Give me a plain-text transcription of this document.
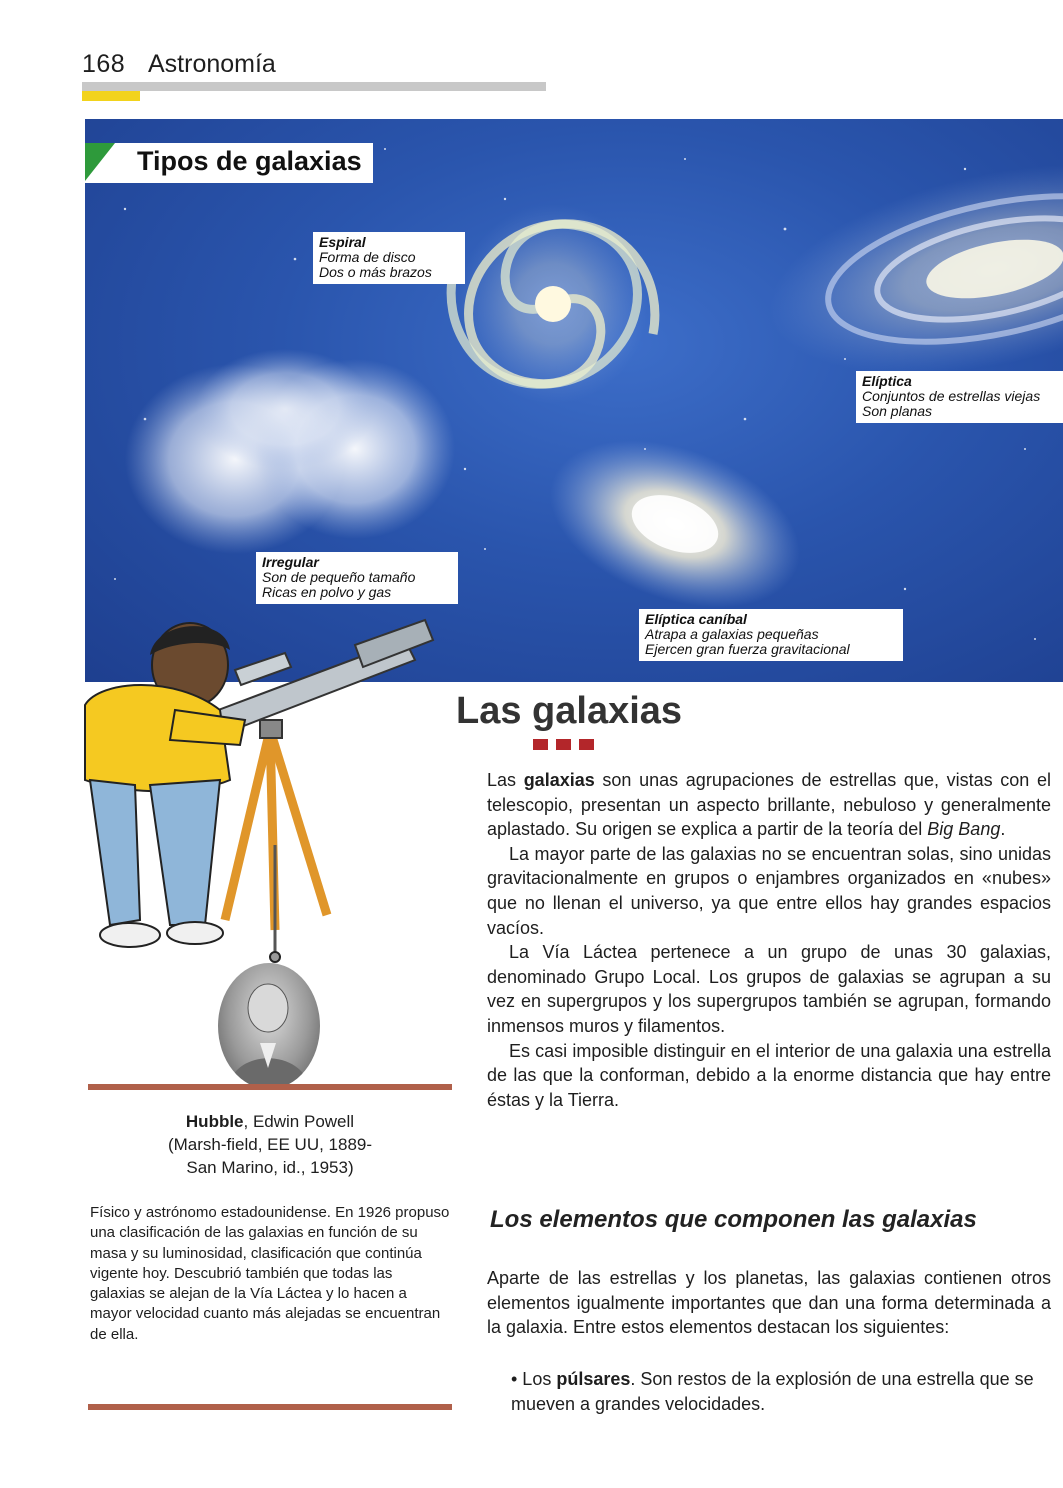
168 Astronomía
Tipos de galaxias
Espiral
Forma de disco
Dos o más brazos
Elíptica
Conjuntos de estrellas viejas
Son planas
Irregular
Son de pequeño tamaño
Ricas en polvo y gas
Elíptica caníbal
Atrapa a galaxias pequeñas
Ejercen gran fuerza gravitacional
Las galaxias

Las galaxias son unas agrupaciones de estrellas que, vistas con el telescopio, presentan un aspecto brillante, nebuloso y generalmente aplastado. Su origen se explica a partir de la teoría del Big Bang.

La mayor parte de las galaxias no se encuentran solas, sino unidas gravitacionalmente en grupos o enjambres organizados en «nubes» que no llenan el universo, ya que entre ellos hay grandes espacios vacíos.

La Vía Láctea pertenece a un grupo de unas 30 galaxias, denominado Grupo Local. Los grupos de galaxias se agrupan a su vez en supergrupos y los supergrupos también se agrupan, formando inmensos muros y filamentos.

Es casi imposible distinguir en el interior de una galaxia una estrella de las que la conforman, debido a la enorme distancia que hay entre éstas y la Tierra.

Los elementos que componen las galaxias

Aparte de las estrellas y los planetas, las galaxias contienen otros elementos igualmente importantes que dan una forma determinada a la galaxia. Entre estos elementos destacan los siguientes:

• Los púlsares. Son restos de la explosión de una estrella que se mueven a grandes velocidades.
Hubble, Edwin Powell
(Marsh-field, EE UU, 1889-
San Marino, id., 1953)
Físico y astrónomo estadounidense. En 1926 propuso una clasificación de las galaxias en función de su masa y su luminosidad, clasificación que continúa vigente hoy. Descubrió también que todas las galaxias se alejan de la Vía Láctea y lo hacen a mayor velocidad cuanto más alejadas se encuentran de ella.
